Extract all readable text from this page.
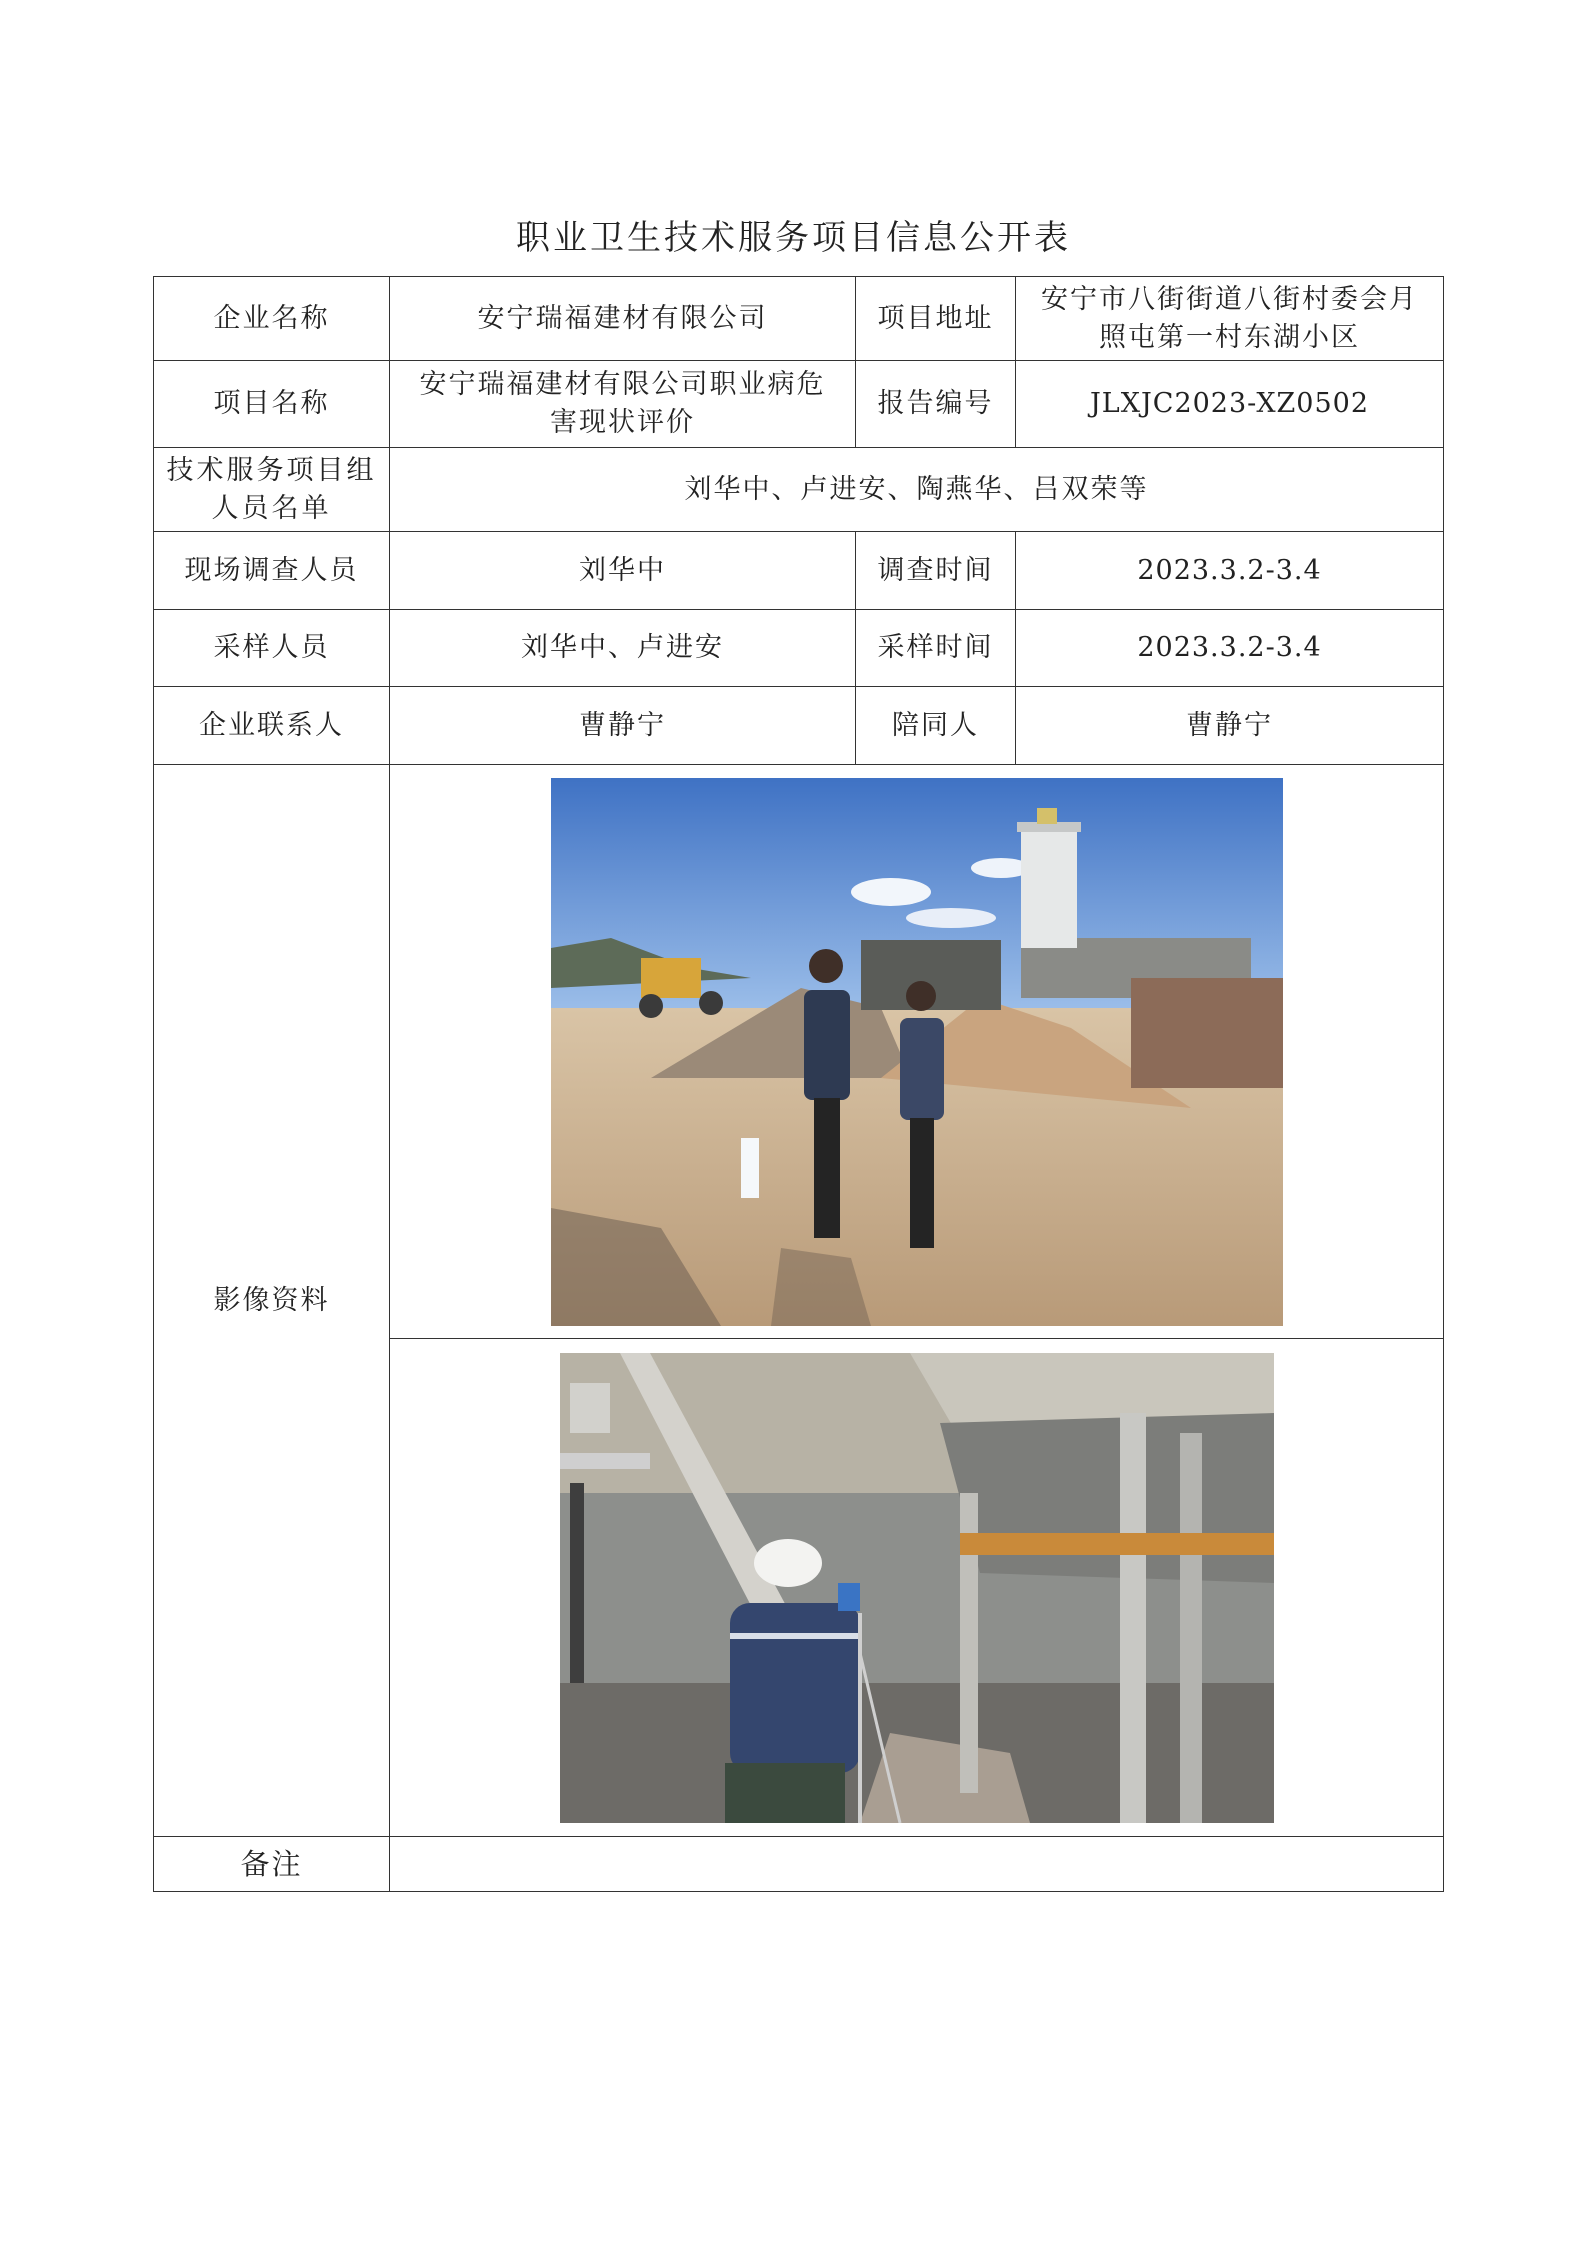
职业卫生技术服务项目信息公开表
企业名称	安宁瑞福建材有限公司	项目地址	安宁市八街街道八街村委会月照屯第一村东湖小区
项目名称	安宁瑞福建材有限公司职业病危害现状评价	报告编号	JLXJC2023-XZ0502
技术服务项目组人员名单	刘华中、卢进安、陶燕华、吕双荣等		
现场调查人员	刘华中	调查时间	2023.3.2-3.4
采样人员	刘华中、卢进安	采样时间	2023.3.2-3.4
企业联系人	曹静宁	陪同人	曹静宁
影像资料	

备注			
